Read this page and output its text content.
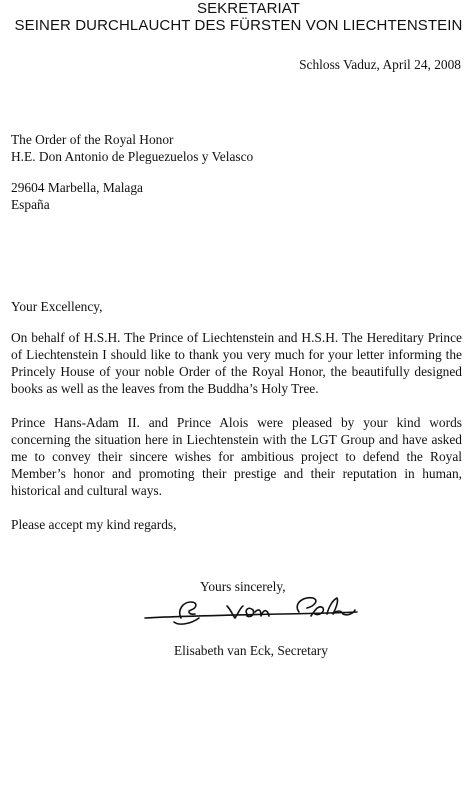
SEKRETARIAT
SEINER DURCHLAUCHT DES FÜRSTEN VON LIECHTENSTEIN
Schloss Vaduz, April 24, 2008
The Order of the Royal Honor
H.E. Don Antonio de Pleguezuelos y Velasco
29604 Marbella, Malaga
España

Your Excellency,

On behalf of H.S.H. The Prince of Liechtenstein and H.S.H. The Hereditary Prince of Liechtenstein I should like to thank you very much for your letter informing the Princely House of your noble Order of the Royal Honor, the beautifully designed books as well as the leaves from the Buddha’s Holy Tree.

Prince Hans-Adam II. and Prince Alois were pleased by your kind words concerning the situation here in Liechtenstein with the LGT Group and have asked me to convey their sincere wishes for ambitious project to defend the Royal Member’s honor and promoting their prestige and their reputation in human, historical and cultural ways.

Please accept my kind regards,

Yours sincerely,
Elisabeth van Eck, Secretary
